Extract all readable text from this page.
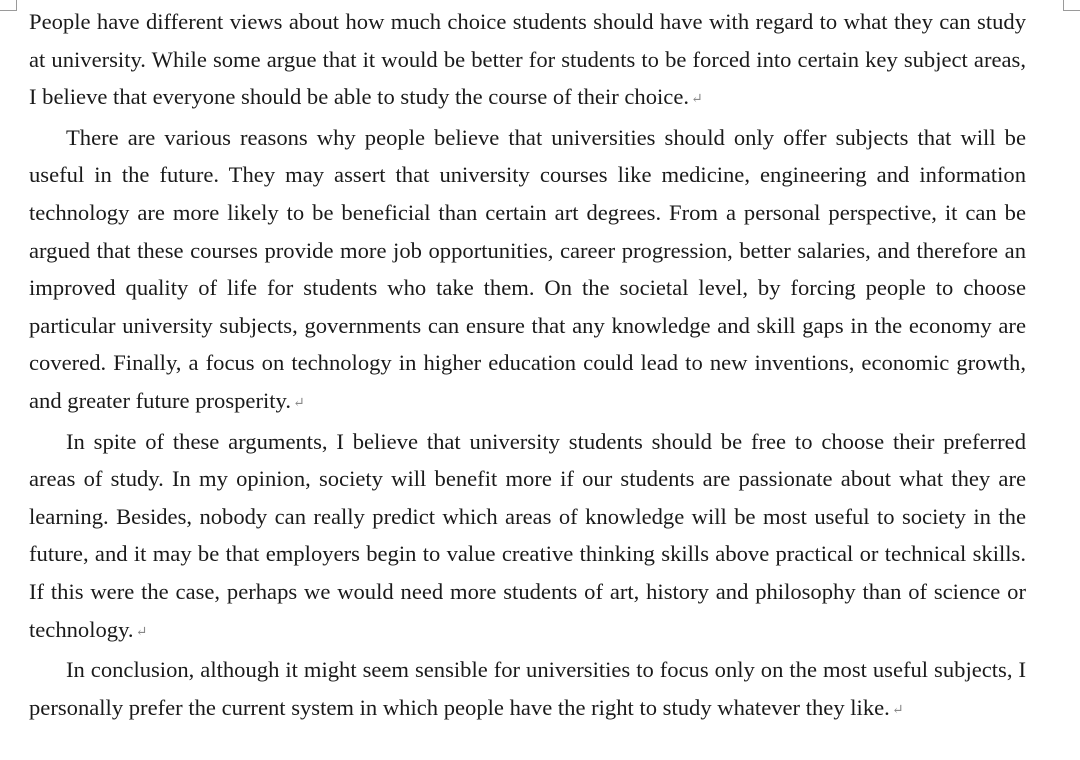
People have different views about how much choice students should have with regard to what they can study at university. While some argue that it would be better for students to be forced into certain key subject areas, I believe that everyone should be able to study the course of their choice. ↵

There are various reasons why people believe that universities should only offer subjects that will be useful in the future. They may assert that university courses like medicine, engineering and information technology are more likely to be beneficial than certain art degrees. From a personal perspective, it can be argued that these courses provide more job opportunities, career progression, better salaries, and therefore an improved quality of life for students who take them. On the societal level, by forcing people to choose particular university subjects, governments can ensure that any knowledge and skill gaps in the economy are covered. Finally, a focus on technology in higher education could lead to new inventions, economic growth, and greater future prosperity. ↵

In spite of these arguments, I believe that university students should be free to choose their preferred areas of study. In my opinion, society will benefit more if our students are passionate about what they are learning. Besides, nobody can really predict which areas of knowledge will be most useful to society in the future, and it may be that employers begin to value creative thinking skills above practical or technical skills. If this were the case, perhaps we would need more students of art, history and philosophy than of science or technology. ↵

In conclusion, although it might seem sensible for universities to focus only on the most useful subjects, I personally prefer the current system in which people have the right to study whatever they like. ↵
